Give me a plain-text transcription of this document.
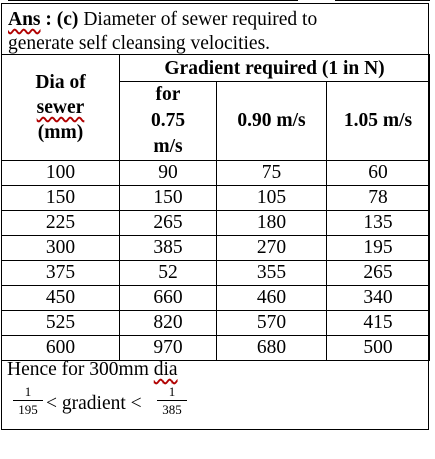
Ans : (c) Diameter of sewer required to
generate self cleansing velocities.
Dia of
sewer
(mm)	Gradient required (1 in N)		
	for
0.75
m/s	0.90 m/s	1.05 m/s
100	90	75	60
150	150	105	78
225	265	180	135
300	385	270	195
375	52	355	265
450	660	460	340
525	820	570	415
600	970	680	500
Hence for 300mm dia
1
195 < gradient <
1
385
